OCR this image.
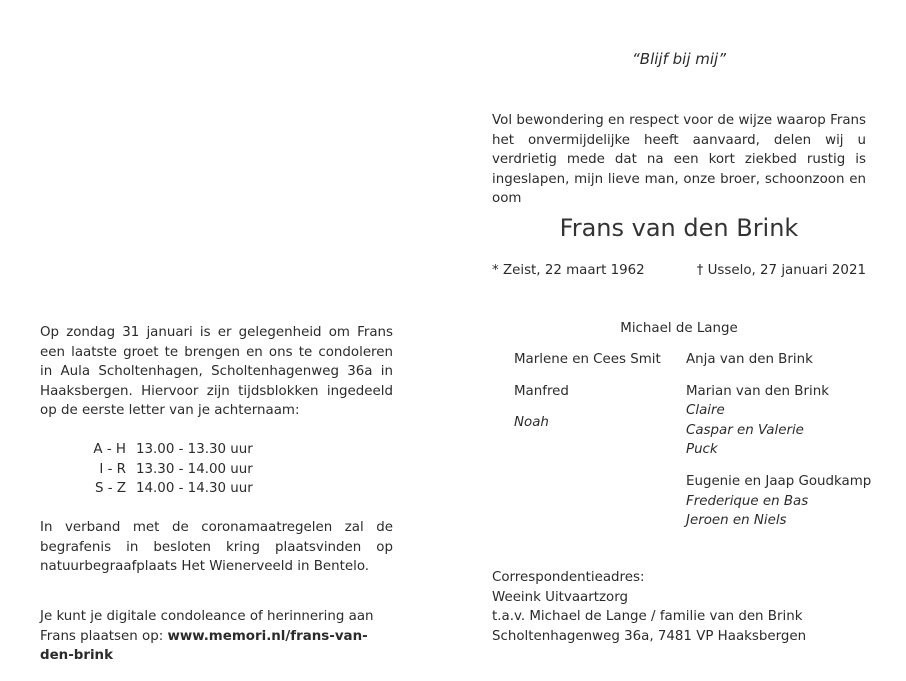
“Blijf bij mij”
Vol bewondering en respect voor de wijze waarop Frans het onvermijdelijke heeft aanvaard, delen wij u verdrietig mede dat na een kort ziekbed rustig is ingeslapen, mijn lieve man, onze broer, schoonzoon en oom
Frans van den Brink
* Zeist, 22 maart 1962	† Usselo, 27 januari 2021
Michael de Lange
Marlene en Cees Smit
Manfred
Noah
Anja van den Brink
Marian van den Brink
Claire
Caspar en Valerie
Puck
Eugenie en Jaap Goudkamp
Frederique en Bas
Jeroen en Niels
Op zondag 31 januari is er gelegenheid om Frans een laatste groet te brengen en ons te condoleren in Aula Scholtenhagen, Scholtenhagenweg 36a in Haaksbergen. Hiervoor zijn tijdsblokken ingedeeld op de eerste letter van je achternaam:
A - H		13.00 - 13.30 uur
I - R		13.30 - 14.00 uur
S - Z		14.00 - 14.30 uur
In verband met de coronamaatregelen zal de begrafenis in besloten kring plaatsvinden op natuurbegraafplaats Het Wienerveeld in Bentelo.
Je kunt je digitale condoleance of herinnering aan Frans plaatsen op: www.memori.nl/frans-van-den-brink
Correspondentieadres:
Weeink Uitvaartzorg
t.a.v. Michael de Lange / familie van den Brink
Scholtenhagenweg 36a, 7481 VP Haaksbergen
